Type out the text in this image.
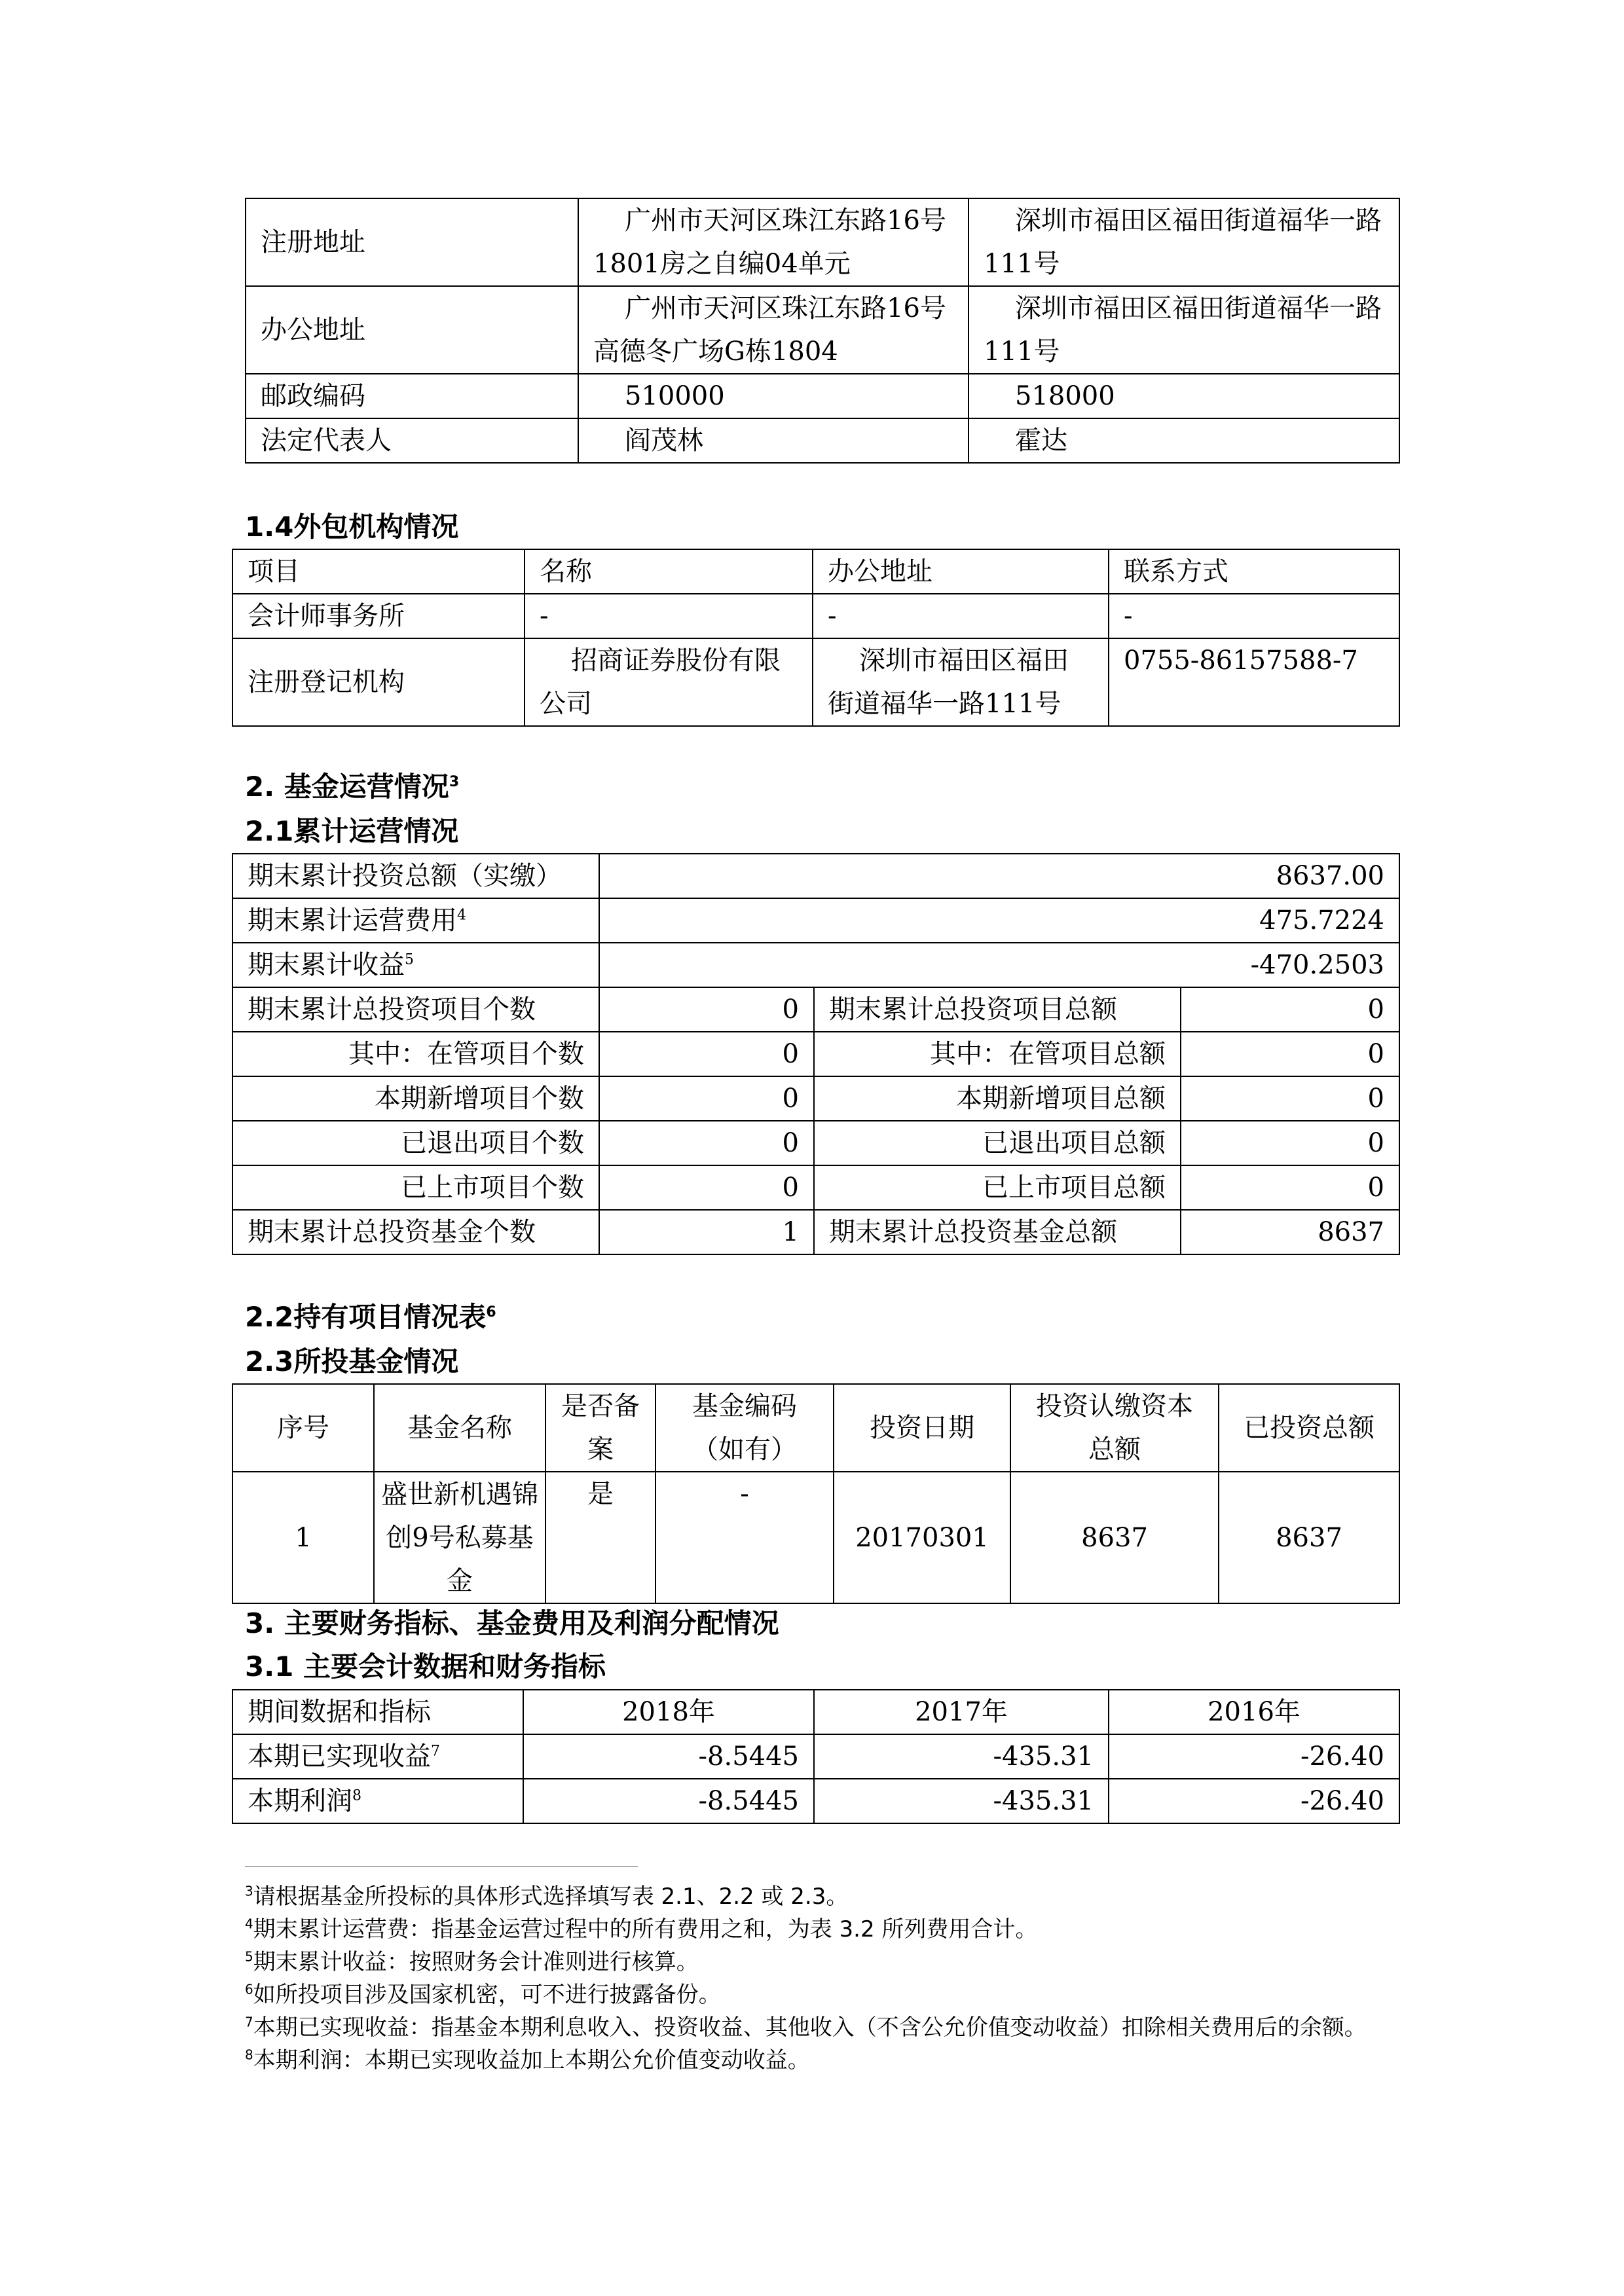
注册地址	广州市天河区珠江东路16号1801房之自编04单元	深圳市福田区福田街道福华一路111号
办公地址	广州市天河区珠江东路16号高德冬广场G栋1804	深圳市福田区福田街道福华一路111号
邮政编码	510000	518000
法定代表人	阎茂林	霍达
1.4外包机构情况
项目	名称	办公地址	联系方式
会计师事务所	-	-	-
注册登记机构	招商证券股份有限公司	深圳市福田区福田街道福华一路111号	0755-86157588-7
2. 基金运营情况$^3$
2.1累计运营情况
期末累计投资总额（实缴）	8637.00
期末累计运营费用$^4$	475.7224
期末累计收益$^5$	-470.2503
期末累计总投资项目个数	0	期末累计总投资项目总额	0
其中：在管项目个数	0	其中：在管项目总额	0
本期新增项目个数	0	本期新增项目总额	0
已退出项目个数	0	已退出项目总额	0
已上市项目个数	0	已上市项目总额	0
期末累计总投资基金个数	1	期末累计总投资基金总额	8637
2.2持有项目情况表$^6$
2.3所投基金情况
序号	基金名称	是否备案	基金编码（如有）	投资日期	投资认缴资本总额	已投资总额
1	盛世新机遇锦创9号私募基金	是	-	20170301	8637	8637
3. 主要财务指标、基金费用及利润分配情况
3.1 主要会计数据和财务指标
期间数据和指标	2018年	2017年	2016年
本期已实现收益$^7$	-8.5445	-435.31	-26.40
本期利润$^8$	-8.5445	-435.31	-26.40
$^3$请根据基金所投标的具体形式选择填写表 2.1、2.2 或 2.3。
$^4$期末累计运营费：指基金运营过程中的所有费用之和，为表 3.2 所列费用合计。
$^5$期末累计收益：按照财务会计准则进行核算。
$^6$如所投项目涉及国家机密，可不进行披露备份。
$^7$本期已实现收益：指基金本期利息收入、投资收益、其他收入（不含公允价值变动收益）扣除相关费用后的余额。
$^8$本期利润：本期已实现收益加上本期公允价值变动收益。
